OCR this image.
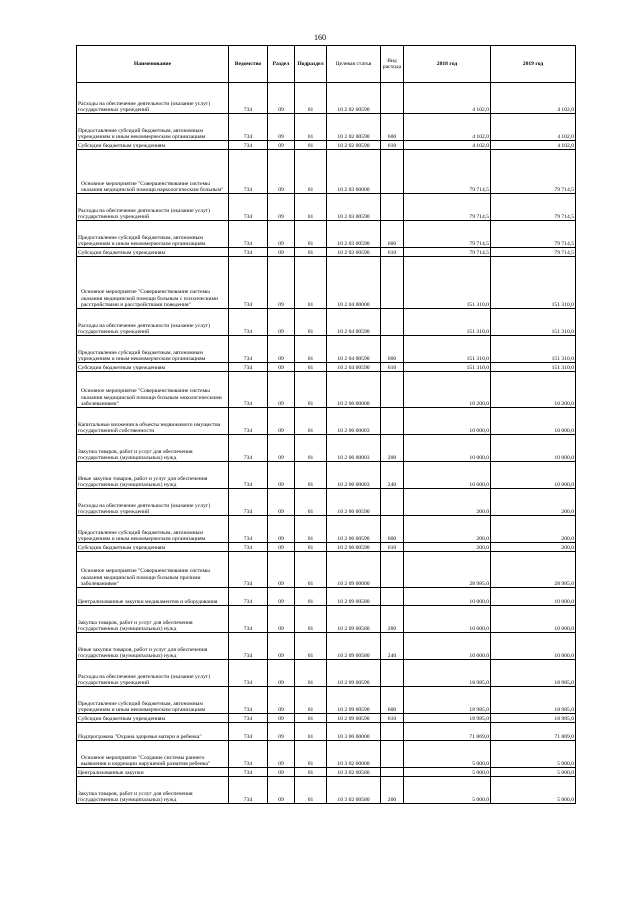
160
Наименование	Ведомство	Раздел	Подраздел	Целевая статья	Вид расхода	2018 год	2019 год
Расходы на обеспечение деятельности (оказание услуг) государственных учреждений	734	09	01	10 2 02 00590		4 102,0	4 102,0
Предоставление субсидий бюджетным, автономным учреждениям и иным некоммерческим организациям	734	09	01	10 2 02 00590	600	4 102,0	4 102,0
Субсидии бюджетным учреждениям	734	09	01	10 2 02 00590	610	4 102,0	4 102,0
Основное мероприятие "Совершенствование системы оказания медицинской помощи наркологическим больным"	734	09	01	10 2 03 00000		79 714,5	79 714,5
Расходы на обеспечение деятельности (оказание услуг) государственных учреждений	734	09	01	10 2 03 00590		79 714,5	79 714,5
Предоставление субсидий бюджетным, автономным учреждениям и иным некоммерческим организациям	734	09	01	10 2 03 00590	600	79 714,5	79 714,5
Субсидии бюджетным учреждениям	734	09	01	10 2 03 00590	610	79 714,5	79 714,5
Основное мероприятие "Совершенствование системы оказания медицинской помощи больным с психическими расстройствами и расстройствами поведения"	734	09	01	10 2 04 00000		151 310,0	151 310,0
Расходы на обеспечение деятельности (оказание услуг) государственных учреждений	734	09	01	10 2 04 00590		151 310,0	151 310,0
Предоставление субсидий бюджетным, автономным учреждениям и иным некоммерческим организациям	734	09	01	10 2 04 00590	600	151 310,0	151 310,0
Субсидии бюджетным учреждениям	734	09	01	10 2 04 00590	610	151 310,0	151 310,0
Основное мероприятие "Совершенствование системы оказания медицинской помощи больным онкологическими заболеваниями"	734	09	01	10 2 06 00000		10 200,0	10 200,0
Капитальные вложения в объекты недвижимого имущества государственной собственности	734	09	01	10 2 06 00003		10 000,0	10 000,0
Закупка товаров, работ и услуг для обеспечения государственных (муниципальных) нужд	734	09	01	10 2 06 00003	200	10 000,0	10 000,0
Иные закупки товаров, работ и услуг для обеспечения государственных (муниципальных) нужд	734	09	01	10 2 06 00003	240	10 000,0	10 000,0
Расходы на обеспечение деятельности (оказание услуг) государственных учреждений	734	09	01	10 2 06 00590		200,0	200,0
Предоставление субсидий бюджетным, автономным учреждениям и иным некоммерческим организациям	734	09	01	10 2 06 00590	600	200,0	200,0
Субсидии бюджетным учреждениям	734	09	01	10 2 06 00590	610	200,0	200,0
Основное мероприятие "Совершенствование системы оказания медицинской помощи больным прочими заболеваниями"	734	09	01	10 2 09 00000		28 985,0	28 985,0
Централизованные закупки медикаментов и оборудования	734	09	01	10 2 09 00580		10 000,0	10 000,0
Закупка товаров, работ и услуг для обеспечения государственных (муниципальных) нужд	734	09	01	10 2 09 00580	200	10 000,0	10 000,0
Иные закупки товаров, работ и услуг для обеспечения государственных (муниципальных) нужд	734	09	01	10 2 09 00580	240	10 000,0	10 000,0
Расходы на обеспечение деятельности (оказание услуг) государственных учреждений	734	09	01	10 2 09 00590		18 985,0	18 985,0
Предоставление субсидий бюджетным, автономным учреждениям и иным некоммерческим организациям	734	09	01	10 2 09 00590	600	18 985,0	18 985,0
Субсидии бюджетным учреждениям	734	09	01	10 2 09 00590	610	18 985,0	18 985,0
Подпрограмма "Охрана здоровья матери и ребенка"	734	09	01	10 3 00 00000		71 869,0	71 869,0
Основное мероприятие "Создание системы раннего выявления и коррекции нарушений развития ребенка"	734	09	01	10 3 02 00000		5 000,0	5 000,0
Централизованные закупки	734	09	01	10 3 02 00580		5 000,0	5 000,0
Закупка товаров, работ и услуг для обеспечения государственных (муниципальных) нужд	734	09	01	10 3 02 00580	200	5 000,0	5 000,0
